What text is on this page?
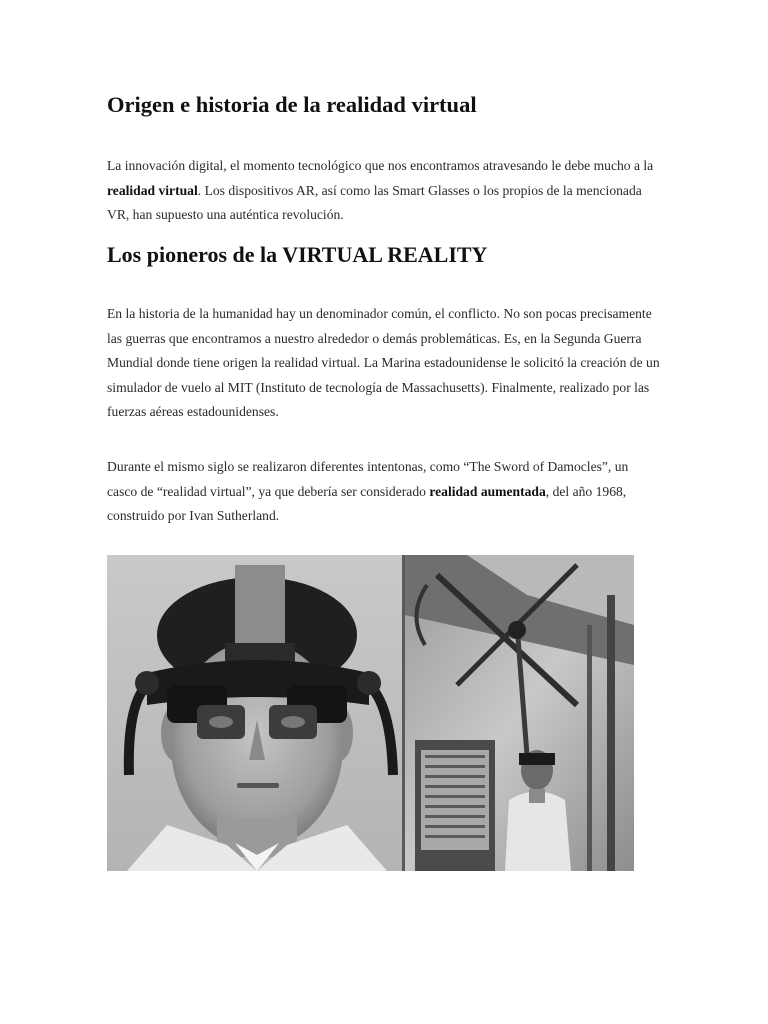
Origen e historia de la realidad virtual

La innovación digital, el momento tecnológico que nos encontramos atravesando le debe mucho a la realidad virtual. Los dispositivos AR, así como las Smart Glasses o los propios de la mencionada VR, han supuesto una auténtica revolución.

Los pioneros de la VIRTUAL REALITY

En la historia de la humanidad hay un denominador común, el conflicto. No son pocas precisamente las guerras que encontramos a nuestro alrededor o demás problemáticas. Es, en la Segunda Guerra Mundial donde tiene origen la realidad virtual. La Marina estadounidense le solicitó la creación de un simulador de vuelo al MIT (Instituto de tecnología de Massachusetts). Finalmente, realizado por las fuerzas aéreas estadounidenses.

Durante el mismo siglo se realizaron diferentes intentonas, como “The Sword of Damocles”, un casco de “realidad virtual”, ya que debería ser considerado realidad aumentada, del año 1968, construido por Ivan Sutherland.
